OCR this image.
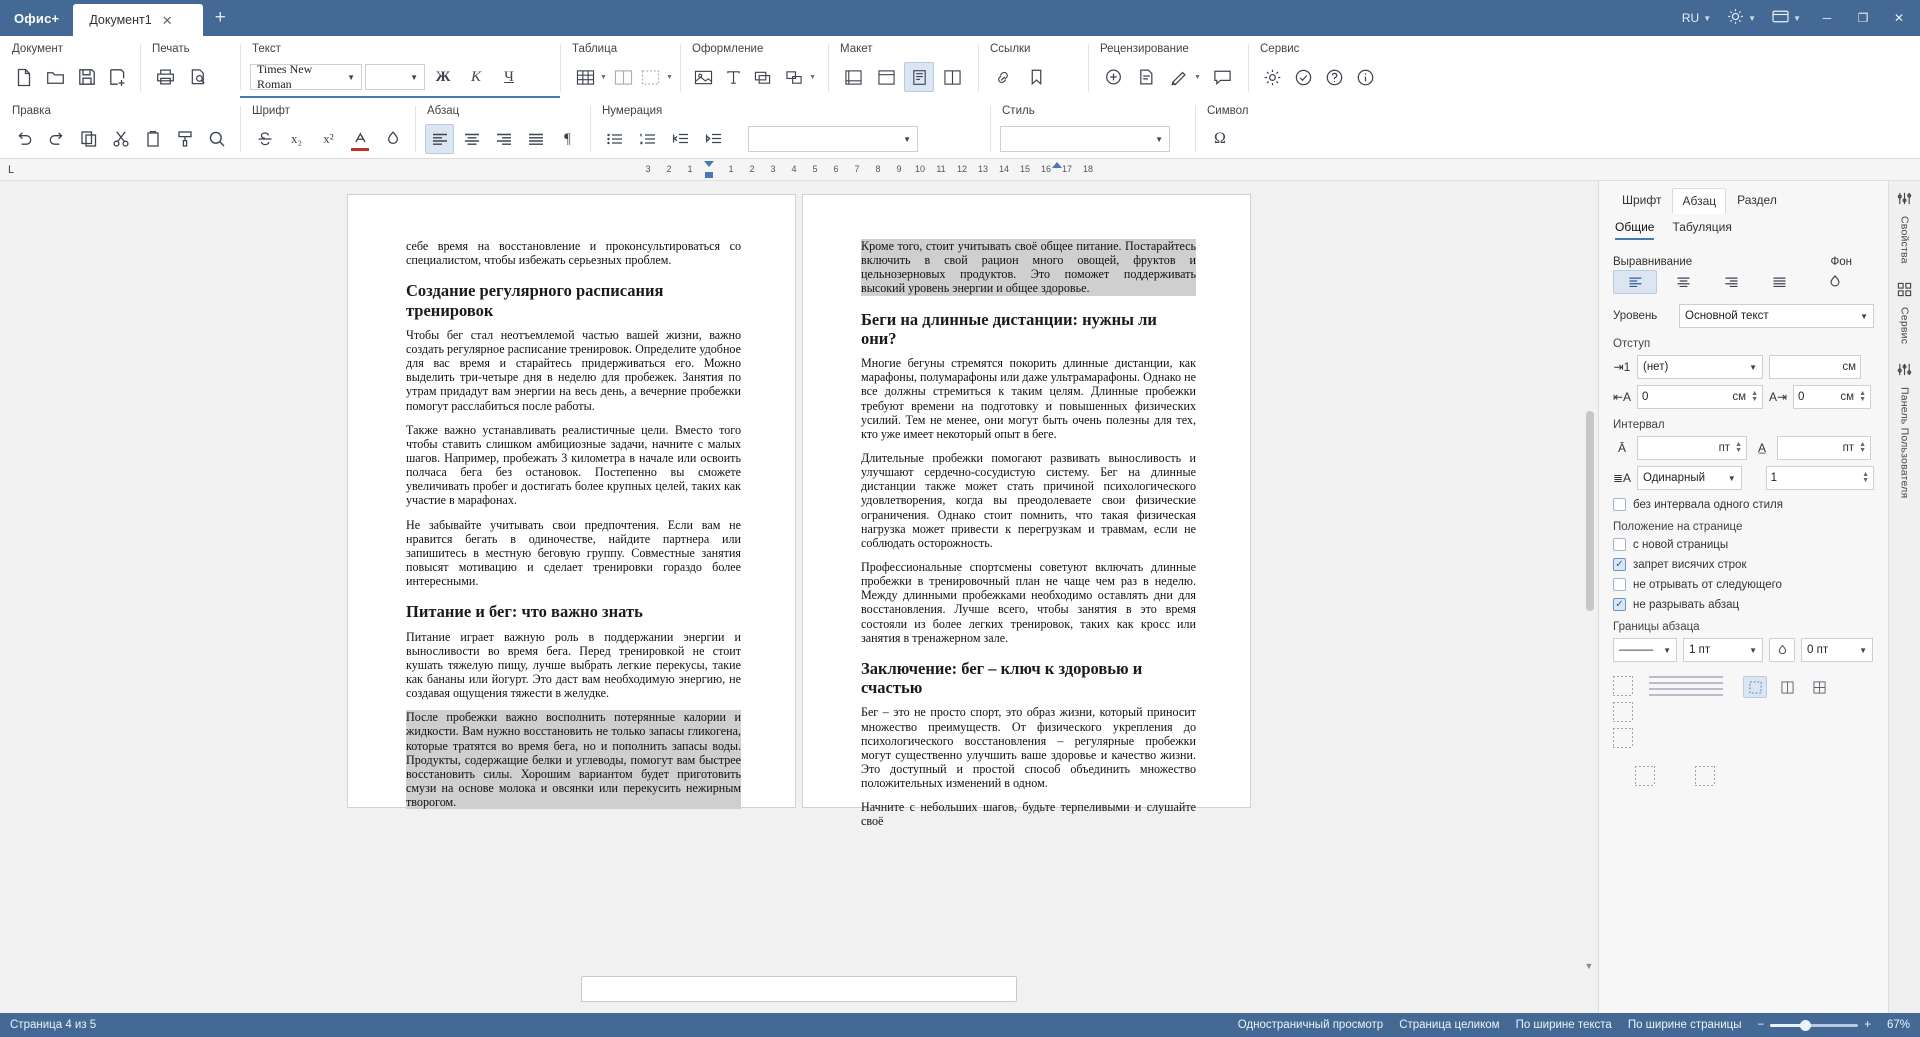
Офис+	Документ1 ✕	+	RU ▼	▼	▼	─	❐	✕
Документ	Печать	Текст
Times New Roman	▼	▼	Ж	К	Ч
Таблица
▼	▼
Оформление
▼
Макет	Ссылки	Рецензирование
▼
Сервис
Правка	Шрифт
x₂	x²
Абзац
¶
Нумерация
▼
Стиль
▼
Символ
Ω
L	3 2 1	1 2 3 4 5 6 7 8 9 10 11 12 13 14 15 16 17 18

себе время на восстановление и проконсультироваться со специалистом, чтобы избежать серьезных проблем.

Создание регулярного расписания тренировок

Чтобы бег стал неотъемлемой частью вашей жизни, важно создать регулярное расписание тренировок. Определите удобное для вас время и старайтесь придерживаться его. Можно выделить три-четыре дня в неделю для пробежек. Занятия по утрам придадут вам энергии на весь день, а вечерние пробежки помогут расслабиться после работы.

Также важно устанавливать реалистичные цели. Вместо того чтобы ставить слишком амбициозные задачи, начните с малых шагов. Например, пробежать 3 километра в начале или освоить полчаса бега без остановок. Постепенно вы сможете увеличивать пробег и достигать более крупных целей, таких как участие в марафонах.

Не забывайте учитывать свои предпочтения. Если вам не нравится бегать в одиночестве, найдите партнера или запишитесь в местную беговую группу. Совместные занятия повысят мотивацию и сделает тренировки гораздо более интересными.

Питание и бег: что важно знать

Питание играет важную роль в поддержании энергии и выносливости во время бега. Перед тренировкой не стоит кушать тяжелую пищу, лучше выбрать легкие перекусы, такие как бананы или йогурт. Это даст вам необходимую энергию, не создавая ощущения тяжести в желудке.

После пробежки важно восполнить потерянные калории и жидкости. Вам нужно восстановить не только запасы гликогена, которые тратятся во время бега, но и пополнить запасы воды. Продукты, содержащие белки и углеводы, помогут вам быстрее восстановить силы. Хорошим вариантом будет приготовить смузи на основе молока и овсянки или перекусить нежирным творогом.

Кроме того, стоит учитывать своё общее питание. Постарайтесь включить в свой рацион много овощей, фруктов и цельнозерновых продуктов. Это поможет поддерживать высокий уровень энергии и общее здоровье.

Беги на длинные дистанции: нужны ли они?

Многие бегуны стремятся покорить длинные дистанции, как марафоны, полумарафоны или даже ультрамарафоны. Однако не все должны стремиться к таким целям. Длинные пробежки требуют времени на подготовку и повышенных физических усилий. Тем не менее, они могут быть очень полезны для тех, кто уже имеет некоторый опыт в беге.

Длительные пробежки помогают развивать выносливость и улучшают сердечно-сосудистую систему. Бег на длинные дистанции также может стать причиной психологического удовлетворения, когда вы преодолеваете свои физические ограничения. Однако стоит помнить, что такая физическая нагрузка может привести к перегрузкам и травмам, если не соблюдать осторожность.

Профессиональные спортсмены советуют включать длинные пробежки в тренировочный план не чаще чем раз в неделю. Между длинными пробежками необходимо оставлять дни для восстановления. Лучше всего, чтобы занятия в это время состояли из более легких тренировок, таких как кросс или занятия в тренажерном зале.

Заключение: бег – ключ к здоровью и счастью

Бег – это не просто спорт, это образ жизни, который приносит множество преимуществ. От физического укрепления до психологического восстановления – регулярные пробежки могут существенно улучшить ваше здоровье и качество жизни. Это доступный и простой способ объединить множество положительных изменений в одном.

Начните с небольших шагов, будьте терпеливыми и слушайте своё

▼
Шрифт	Абзац	Раздел
Общие Табуляция
Выравнивание	Фон
Уровень	Основной текст	▼
Отступ
⇥1 (нет)	▼	см
⇤A 0	см ▲
▼ A⇥ 0	см ▲
▼
Интервал
Ā	пт ▲
▼	A̲	пт ▲
▼
≣A Одинарный	▼	1	▲
▼
без интервала одного стиля
Положение на странице
с новой страницы
✓ запрет висячих строк
не отрывать от следующего
✓ не разрывать абзац
Границы абзаца
——— ▼ 1 пт	▼	0 пт	▼
Свойства
Сервис
Панель Пользователя
Страница 4 из 5	Одностраничный просмотр Страница целиком По ширине текста По ширине страницы −	+ 67%
